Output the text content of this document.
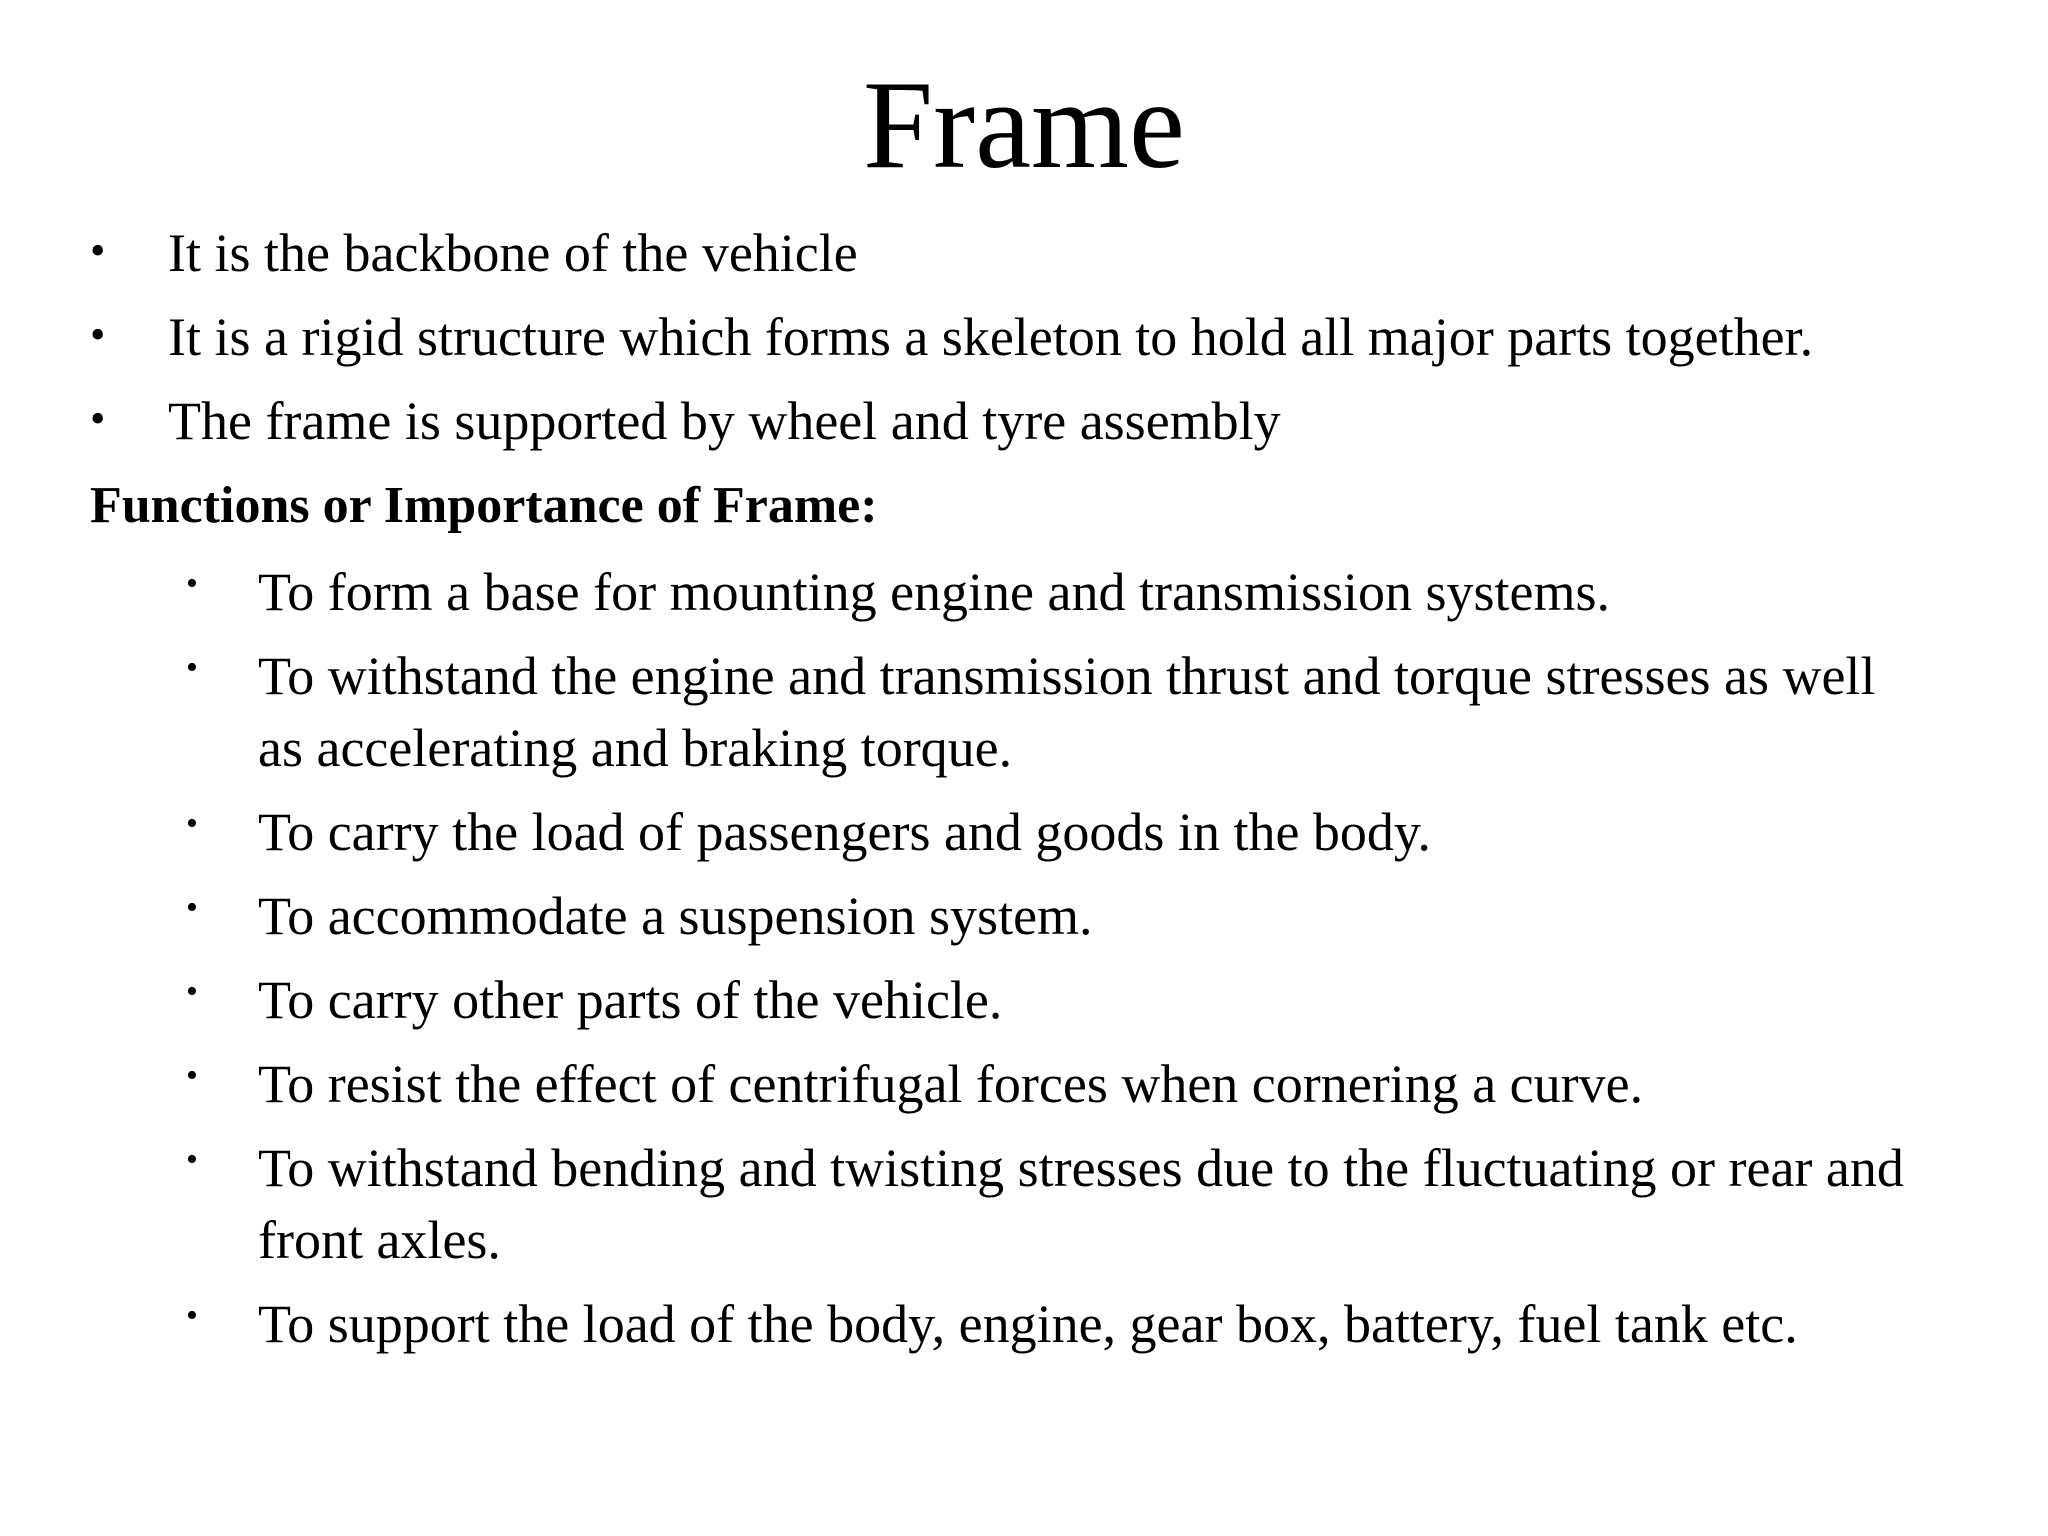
Frame
• It is the backbone of the vehicle
• It is a rigid structure which forms a skeleton to hold all major parts together.
• The frame is supported by wheel and tyre assembly
Functions or Importance of Frame:
• To form a base for mounting engine and transmission systems.
• To withstand the engine and transmission thrust and torque stresses as well as accelerating and braking torque.
• To carry the load of passengers and goods in the body.
• To accommodate a suspension system.
• To carry other parts of the vehicle.
• To resist the effect of centrifugal forces when cornering a curve.
• To withstand bending and twisting stresses due to the fluctuating or rear and front axles.
• To support the load of the body, engine, gear box, battery, fuel tank etc.
